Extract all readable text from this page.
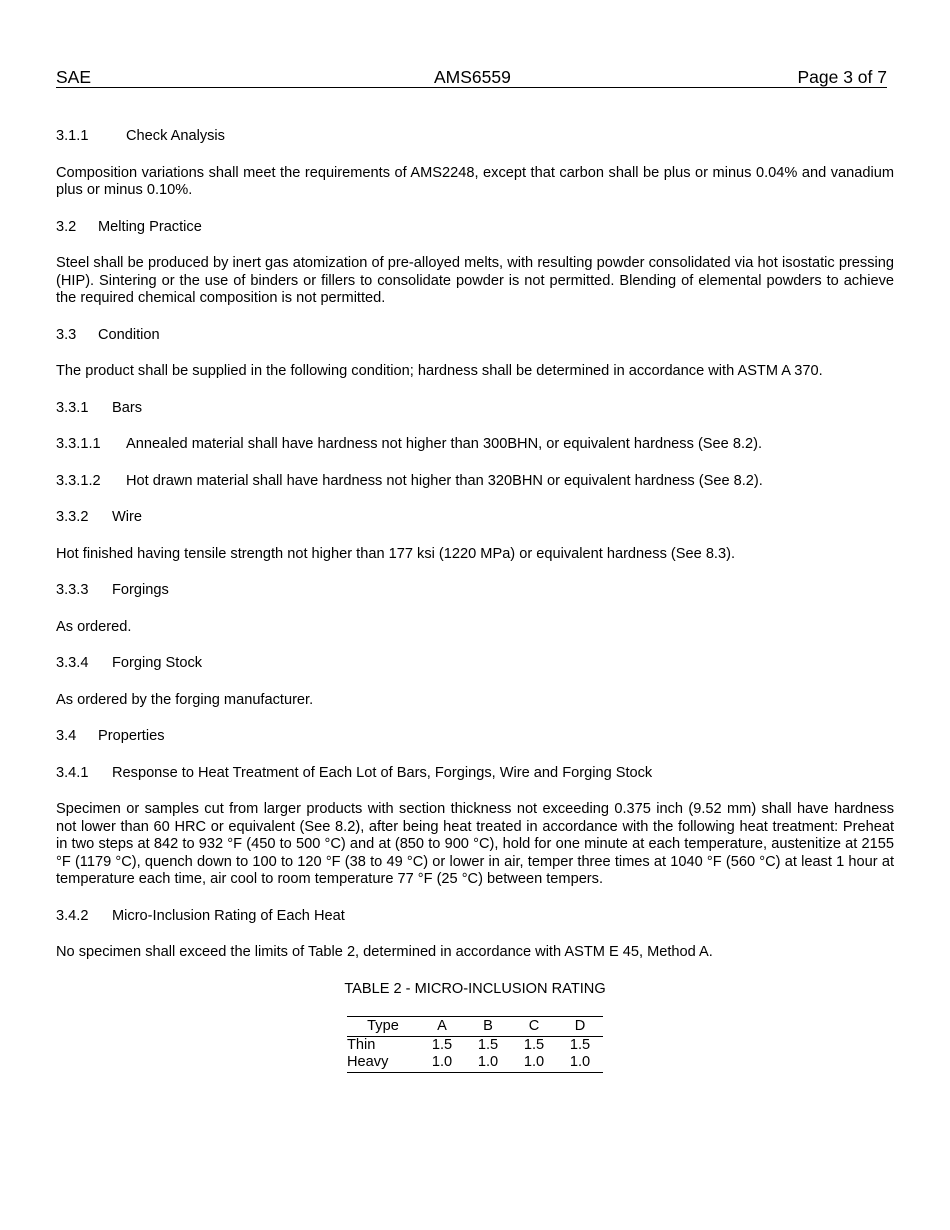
SAE	AMS6559	Page 3 of 7
3.1.1	Check Analysis
Composition variations shall meet the requirements of AMS2248, except that carbon shall be plus or minus 0.04% and vanadium plus or minus 0.10%.
3.2 Melting Practice
Steel shall be produced by inert gas atomization of pre-alloyed melts, with resulting powder consolidated via hot isostatic pressing (HIP). Sintering or the use of binders or fillers to consolidate powder is not permitted. Blending of elemental powders to achieve the required chemical composition is not permitted.
3.3 Condition
The product shall be supplied in the following condition; hardness shall be determined in accordance with ASTM A 370.
3.3.1 Bars
3.3.1.1 Annealed material shall have hardness not higher than 300BHN, or equivalent hardness (See 8.2).
3.3.1.2 Hot drawn material shall have hardness not higher than 320BHN or equivalent hardness (See 8.2).
3.3.2 Wire
Hot finished having tensile strength not higher than 177 ksi (1220 MPa) or equivalent hardness (See 8.3).
3.3.3 Forgings
As ordered.
3.3.4 Forging Stock
As ordered by the forging manufacturer.
3.4 Properties
3.4.1 Response to Heat Treatment of Each Lot of Bars, Forgings, Wire and Forging Stock
Specimen or samples cut from larger products with section thickness not exceeding 0.375 inch (9.52 mm) shall have hardness not lower than 60 HRC or equivalent (See 8.2), after being heat treated in accordance with the following heat treatment: Preheat in two steps at 842 to 932 °F (450 to 500 °C) and at (850 to 900 °C), hold for one minute at each temperature, austenitize at 2155 °F (1179 °C), quench down to 100 to 120 °F (38 to 49 °C) or lower in air, temper three times at 1040 °F (560 °C) at least 1 hour at temperature each time, air cool to room temperature 77 °F (25 °C) between tempers.
3.4.2 Micro-Inclusion Rating of Each Heat
No specimen shall exceed the limits of Table 2, determined in accordance with ASTM E 45, Method A.
TABLE 2 - MICRO-INCLUSION RATING
Type	A	B	C	D
Thin	1.5	1.5	1.5	1.5
Heavy	1.0	1.0	1.0	1.0
